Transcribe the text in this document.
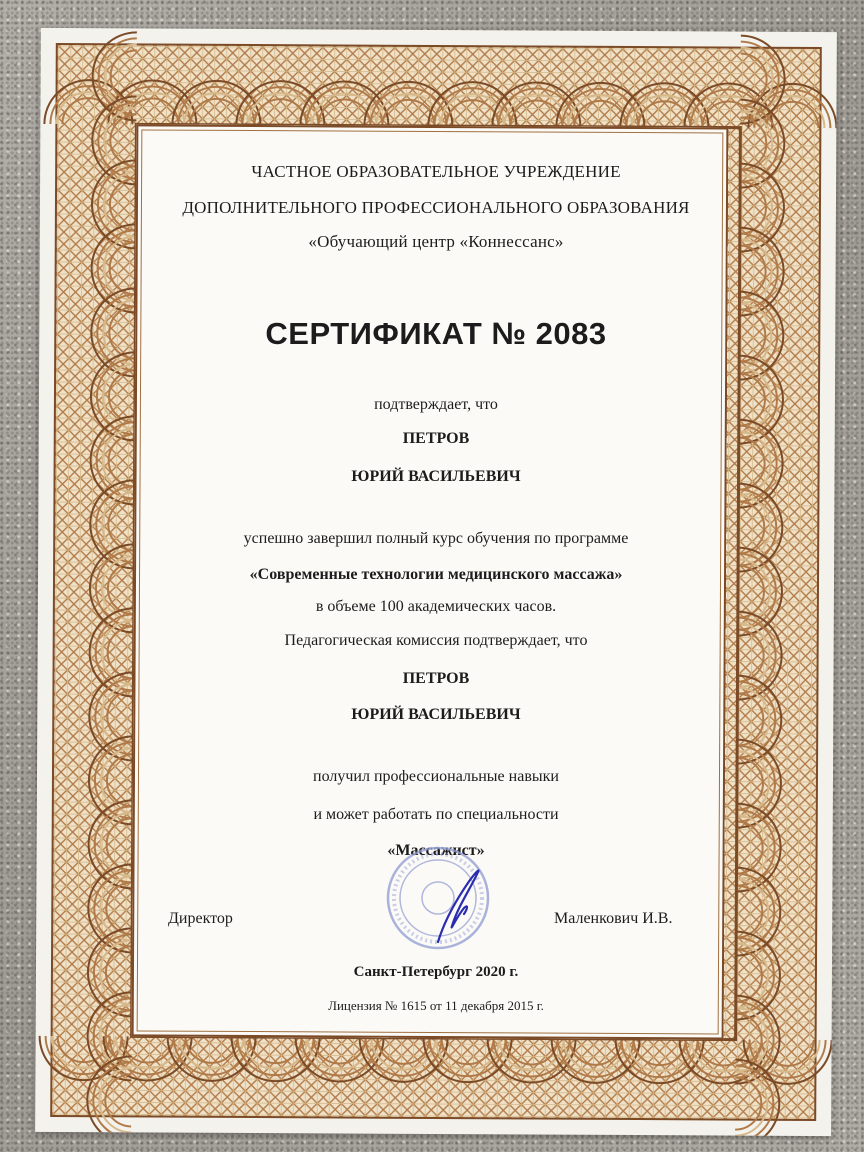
ЧАСТНОЕ ОБРАЗОВАТЕЛЬНОЕ УЧРЕЖДЕНИЕ
ДОПОЛНИТЕЛЬНОГО ПРОФЕССИОНАЛЬНОГО ОБРАЗОВАНИЯ
«Обучающий центр «Коннессанс»
СЕРТИФИКАТ № 2083
подтверждает, что
ПЕТРОВ
ЮРИЙ ВАСИЛЬЕВИЧ
успешно завершил полный курс обучения по программе
«Современные технологии медицинского массажа»
в объеме 100 академических часов.
Педагогическая комиссия подтверждает, что
ПЕТРОВ
ЮРИЙ ВАСИЛЬЕВИЧ
получил профессиональные навыки
и может работать по специальности
«Массажист»
Директор	Маленкович И.В.
Санкт-Петербург 2020 г.
Лицензия № 1615 от 11 декабря 2015 г.
